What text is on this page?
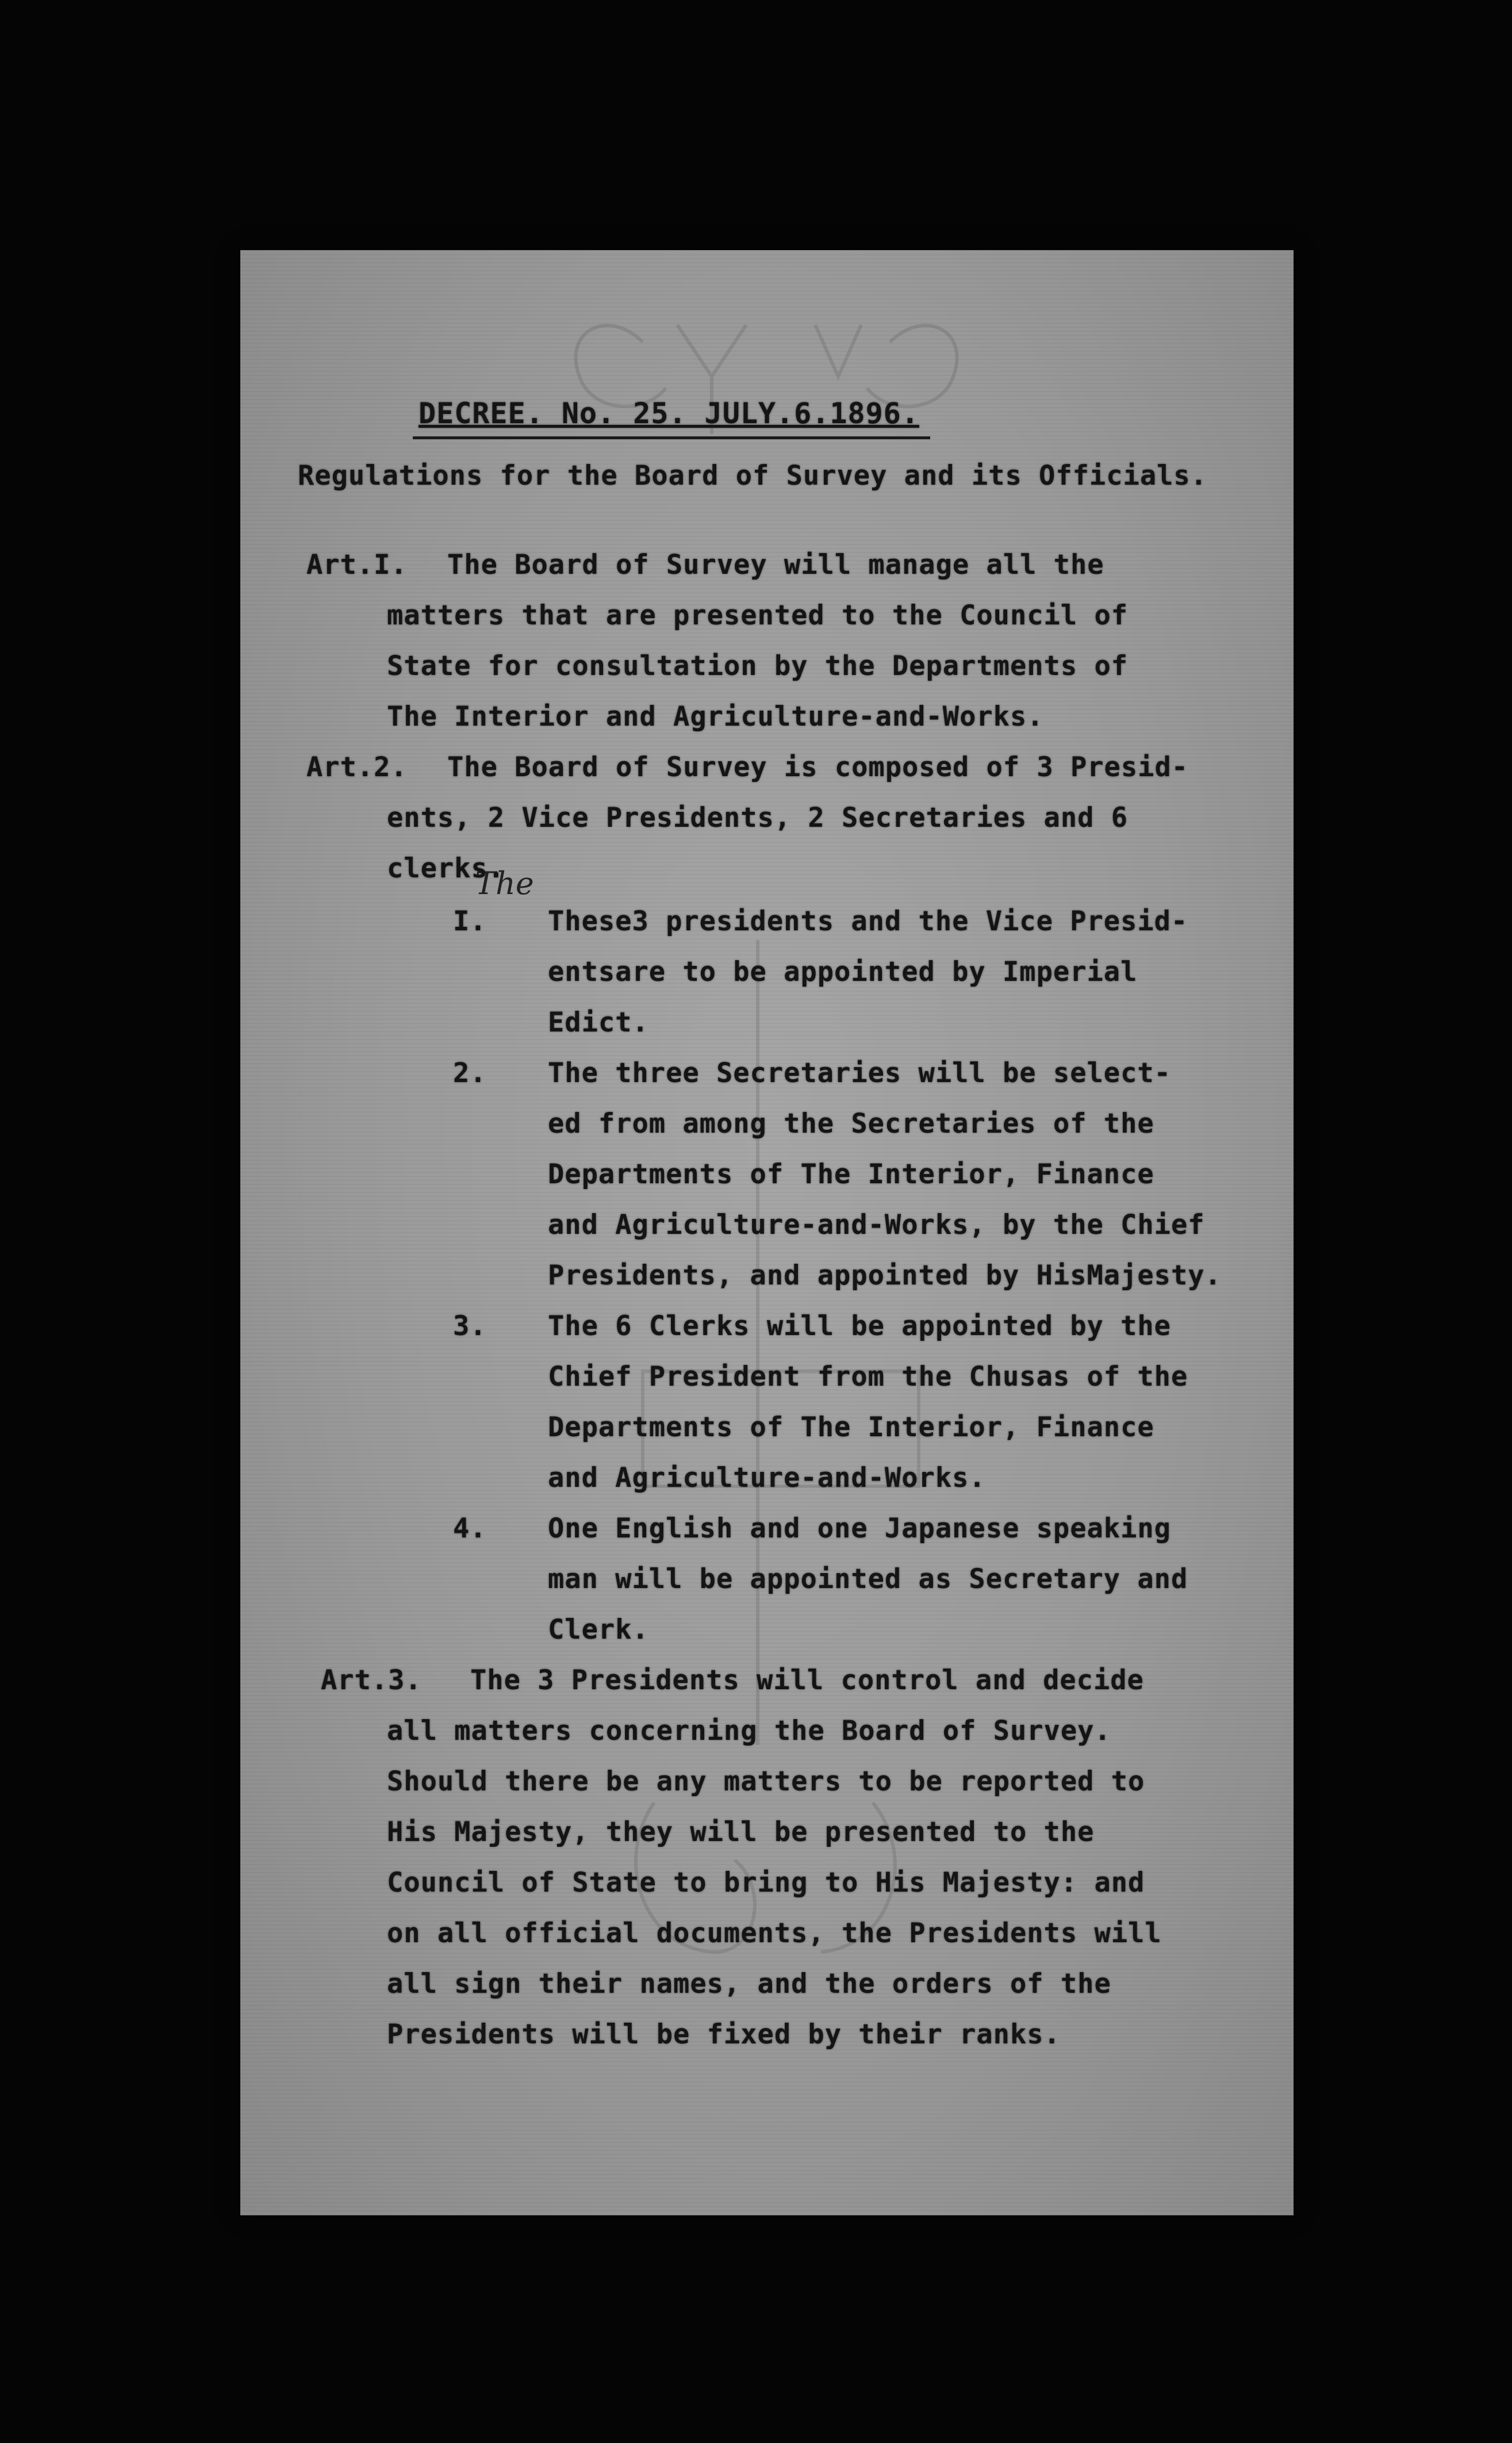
DECREE. No. 25. JULY.6.1896.
Regulations for the Board of Survey and its Officials.
The
Art.I. The Board of Survey will manage all the
matters that are presented to the Council of
State for consultation by the Departments of
The Interior and Agriculture-and-Works.
Art.2. The Board of Survey is composed of 3 Presid-
ents, 2 Vice Presidents, 2 Secretaries and 6
clerks.
I. These3 presidents and the Vice Presid-
entsare to be appointed by Imperial
Edict.
2. The three Secretaries will be select-
ed from among the Secretaries of the
Departments of The Interior, Finance
and Agriculture-and-Works, by the Chief
Presidents, and appointed by HisMajesty.
3. The 6 Clerks will be appointed by the
Chief President from the Chusas of the
Departments of The Interior, Finance
and Agriculture-and-Works.
4. One English and one Japanese speaking
man will be appointed as Secretary and
Clerk.
Art.3. The 3 Presidents will control and decide
all matters concerning the Board of Survey.
Should there be any matters to be reported to
His Majesty, they will be presented to the
Council of State to bring to His Majesty: and
on all official documents, the Presidents will
all sign their names, and the orders of the
Presidents will be fixed by their ranks.
